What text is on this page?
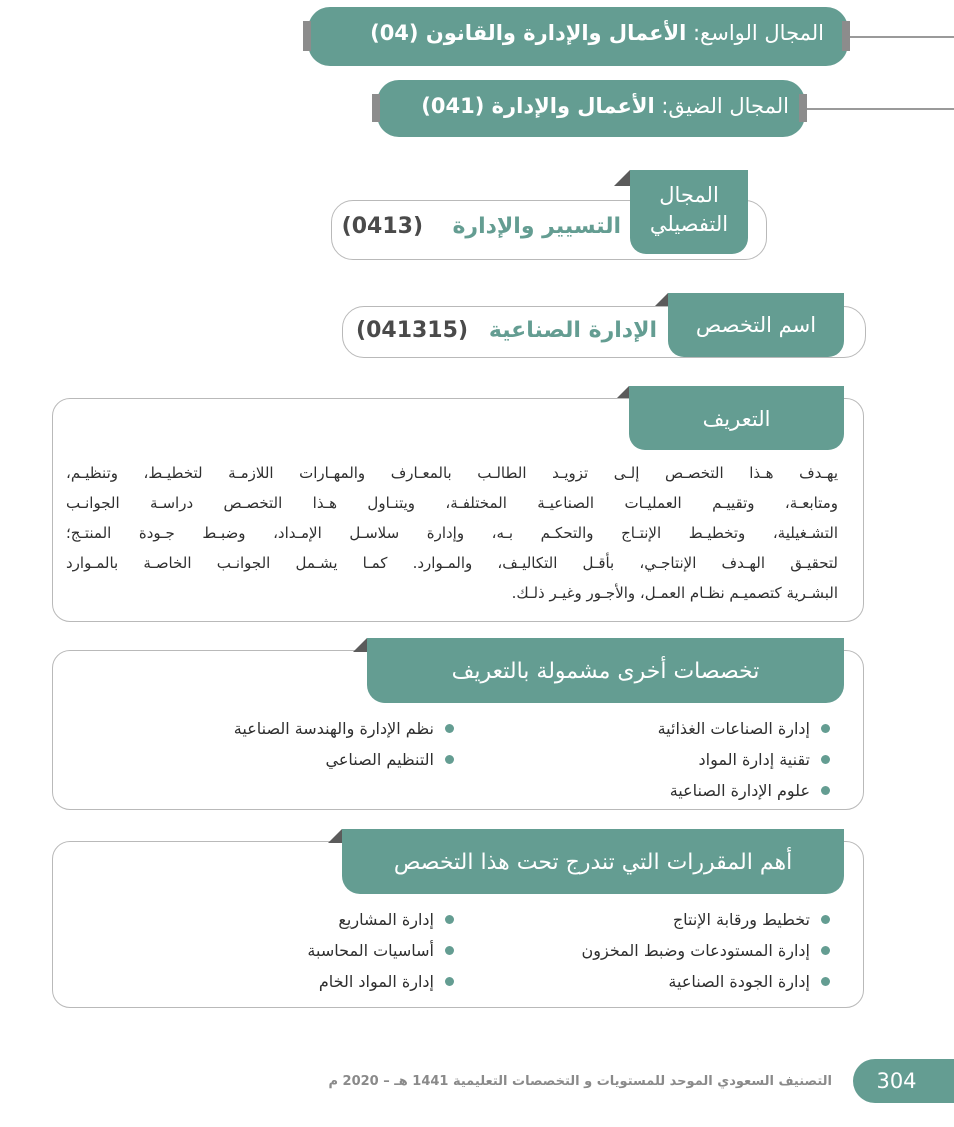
المجال الواسع: الأعمال والإدارة والقانون (04)
المجال الضيق: الأعمال والإدارة (041)
المجال
التفصيلي
التسيير والإدارة
(0413)
اسم التخصص
الإدارة الصناعية
(041315)
التعريف
يهـدف هـذا التخصـص إلـى تزويـد الطالـب بالمعـارف والمهـارات اللازمـة لتخطيـط، وتنظيـم،
ومتابعـة، وتقييـم العمليـات الصناعيـة المختلفـة، ويتنـاول هـذا التخصـص دراسـة الجوانـب
التشـغيلية، وتخطيـط الإنتـاج والتحكـم بـه، وإدارة سلاسـل الإمـداد، وضبـط جـودة المنتـج؛
لتحقيـق الهـدف الإنتاجـي، بأقـل التكاليـف، والمـوارد. كمـا يشـمل الجوانـب الخاصـة بالمـوارد
البشـرية كتصميـم نظـام العمـل، والأجـور وغيـر ذلـك.
تخصصات أخرى مشمولة بالتعريف
إدارة الصناعات الغذائية
تقنية إدارة المواد
علوم الإدارة الصناعية
نظم الإدارة والهندسة الصناعية
التنظيم الصناعي
أهم المقررات التي تندرج تحت هذا التخصص
تخطيط ورقابة الإنتاج
إدارة المستودعات وضبط المخزون
إدارة الجودة الصناعية
إدارة المشاريع
أساسيات المحاسبة
إدارة المواد الخام
304
التصنيف السعودي الموحد للمستويات و التخصصات التعليمية 1441 هـ – 2020 م
